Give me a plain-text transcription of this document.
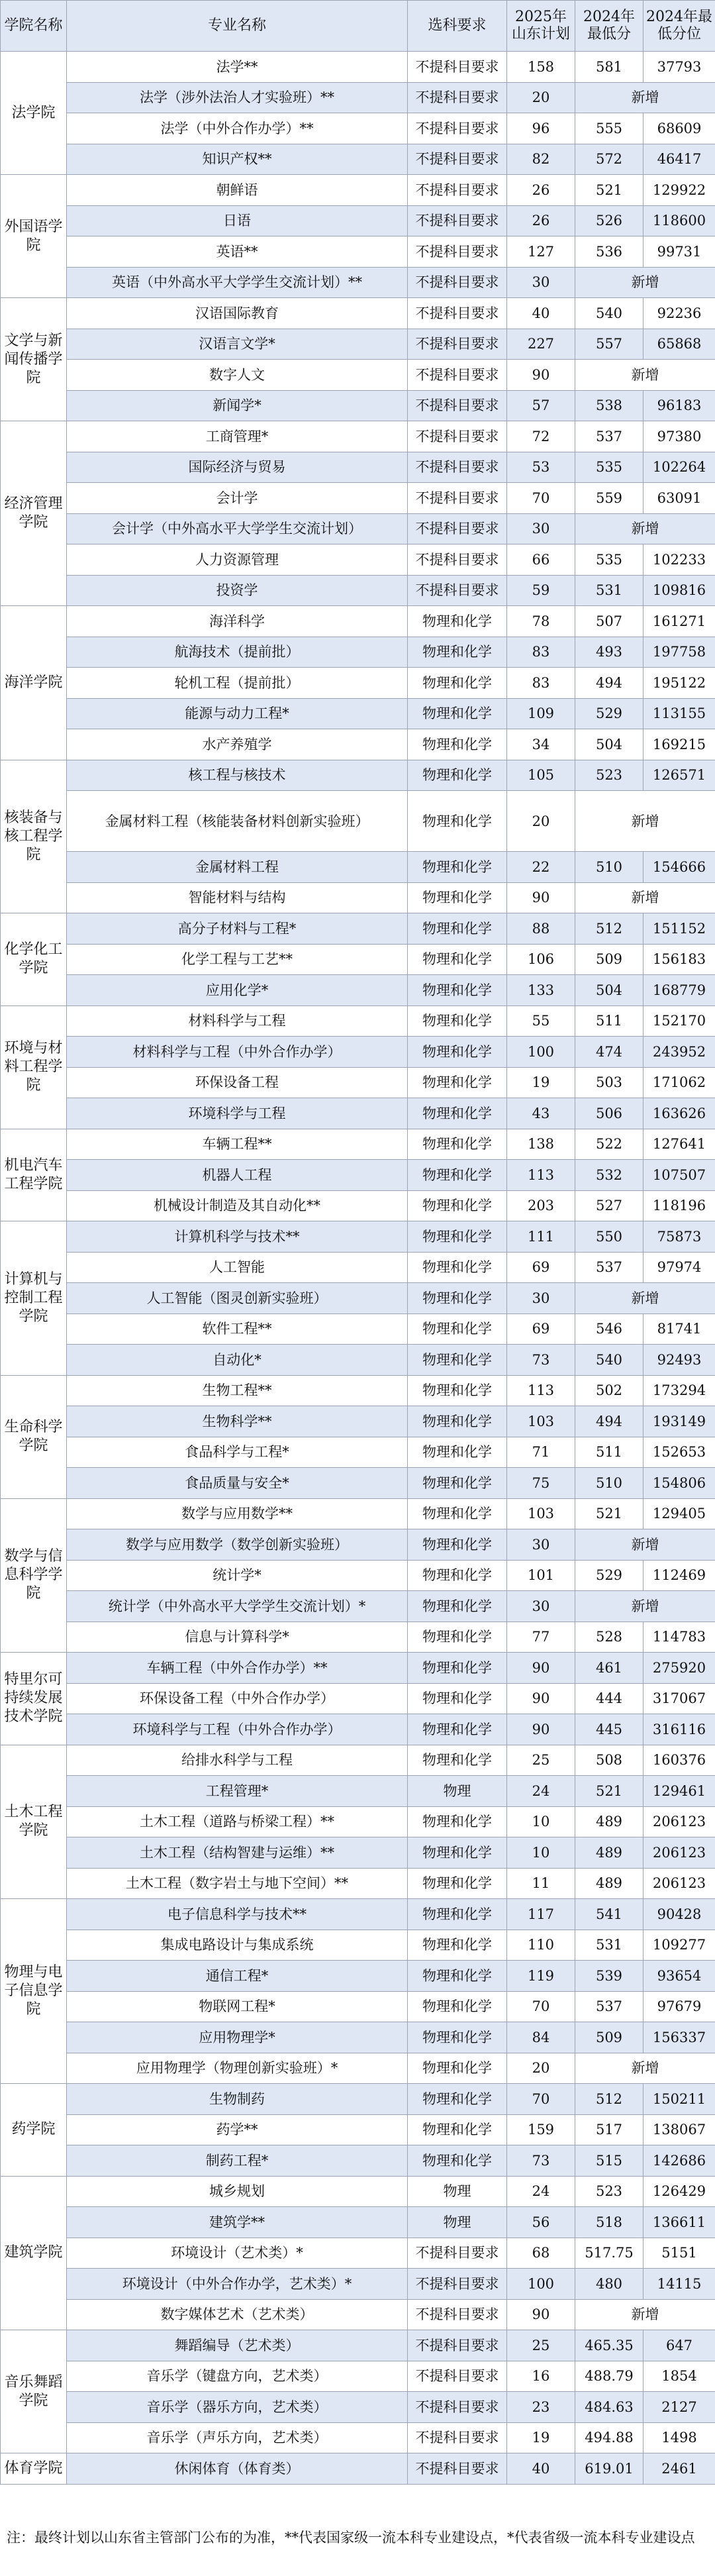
学院名称	专业名称	选科要求	2025年山东计划	2024年最低分	2024年最低分位
法学院	法学**	不提科目要求	158	581	37793
	法学（涉外法治人才实验班）**	不提科目要求	20	新增	
	法学（中外合作办学）**	不提科目要求	96	555	68609
	知识产权**	不提科目要求	82	572	46417
外国语学院	朝鲜语	不提科目要求	26	521	129922
	日语	不提科目要求	26	526	118600
	英语**	不提科目要求	127	536	99731
	英语（中外高水平大学学生交流计划）**	不提科目要求	30	新增	
文学与新闻传播学院	汉语国际教育	不提科目要求	40	540	92236
	汉语言文学*	不提科目要求	227	557	65868
	数字人文	不提科目要求	90	新增	
	新闻学*	不提科目要求	57	538	96183
经济管理学院	工商管理*	不提科目要求	72	537	97380
	国际经济与贸易	不提科目要求	53	535	102264
	会计学	不提科目要求	70	559	63091
	会计学（中外高水平大学学生交流计划）	不提科目要求	30	新增	
	人力资源管理	不提科目要求	66	535	102233
	投资学	不提科目要求	59	531	109816
海洋学院	海洋科学	物理和化学	78	507	161271
	航海技术（提前批）	物理和化学	83	493	197758
	轮机工程（提前批）	物理和化学	83	494	195122
	能源与动力工程*	物理和化学	109	529	113155
	水产养殖学	物理和化学	34	504	169215
核装备与核工程学院	核工程与核技术	物理和化学	105	523	126571
	金属材料工程（核能装备材料创新实验班）	物理和化学	20	新增	
	金属材料工程	物理和化学	22	510	154666
	智能材料与结构	物理和化学	90	新增	
化学化工学院	高分子材料与工程*	物理和化学	88	512	151152
	化学工程与工艺**	物理和化学	106	509	156183
	应用化学*	物理和化学	133	504	168779
环境与材料工程学院	材料科学与工程	物理和化学	55	511	152170
	材料科学与工程（中外合作办学）	物理和化学	100	474	243952
	环保设备工程	物理和化学	19	503	171062
	环境科学与工程	物理和化学	43	506	163626
机电汽车工程学院	车辆工程**	物理和化学	138	522	127641
	机器人工程	物理和化学	113	532	107507
	机械设计制造及其自动化**	物理和化学	203	527	118196
计算机与控制工程学院	计算机科学与技术**	物理和化学	111	550	75873
	人工智能	物理和化学	69	537	97974
	人工智能（图灵创新实验班）	物理和化学	30	新增	
	软件工程**	物理和化学	69	546	81741
	自动化*	物理和化学	73	540	92493
生命科学学院	生物工程**	物理和化学	113	502	173294
	生物科学**	物理和化学	103	494	193149
	食品科学与工程*	物理和化学	71	511	152653
	食品质量与安全*	物理和化学	75	510	154806
数学与信息科学学院	数学与应用数学**	物理和化学	103	521	129405
	数学与应用数学（数学创新实验班）	物理和化学	30	新增	
	统计学*	物理和化学	101	529	112469
	统计学（中外高水平大学学生交流计划）*	物理和化学	30	新增	
	信息与计算科学*	物理和化学	77	528	114783
特里尔可持续发展技术学院	车辆工程（中外合作办学）**	物理和化学	90	461	275920
	环保设备工程（中外合作办学）	物理和化学	90	444	317067
	环境科学与工程（中外合作办学）	物理和化学	90	445	316116
土木工程学院	给排水科学与工程	物理和化学	25	508	160376
	工程管理*	物理	24	521	129461
	土木工程（道路与桥梁工程）**	物理和化学	10	489	206123
	土木工程（结构智建与运维）**	物理和化学	10	489	206123
	土木工程（数字岩土与地下空间）**	物理和化学	11	489	206123
物理与电子信息学院	电子信息科学与技术**	物理和化学	117	541	90428
	集成电路设计与集成系统	物理和化学	110	531	109277
	通信工程*	物理和化学	119	539	93654
	物联网工程*	物理和化学	70	537	97679
	应用物理学*	物理和化学	84	509	156337
	应用物理学（物理创新实验班）*	物理和化学	20	新增	
药学院	生物制药	物理和化学	70	512	150211
	药学**	物理和化学	159	517	138067
	制药工程*	物理和化学	73	515	142686
建筑学院	城乡规划	物理	24	523	126429
	建筑学**	物理	56	518	136611
	环境设计（艺术类）*	不提科目要求	68	517.75	5151
	环境设计（中外合作办学，艺术类）*	不提科目要求	100	480	14115
	数字媒体艺术（艺术类）	不提科目要求	90	新增	
音乐舞蹈学院	舞蹈编导（艺术类）	不提科目要求	25	465.35	647
	音乐学（键盘方向，艺术类）	不提科目要求	16	488.79	1854
	音乐学（器乐方向，艺术类）	不提科目要求	23	484.63	2127
	音乐学（声乐方向，艺术类）	不提科目要求	19	494.88	1498
体育学院	休闲体育（体育类）	不提科目要求	40	619.01	2461
注：最终计划以山东省主管部门公布的为准，**代表国家级一流本科专业建设点，*代表省级一流本科专业建设点
